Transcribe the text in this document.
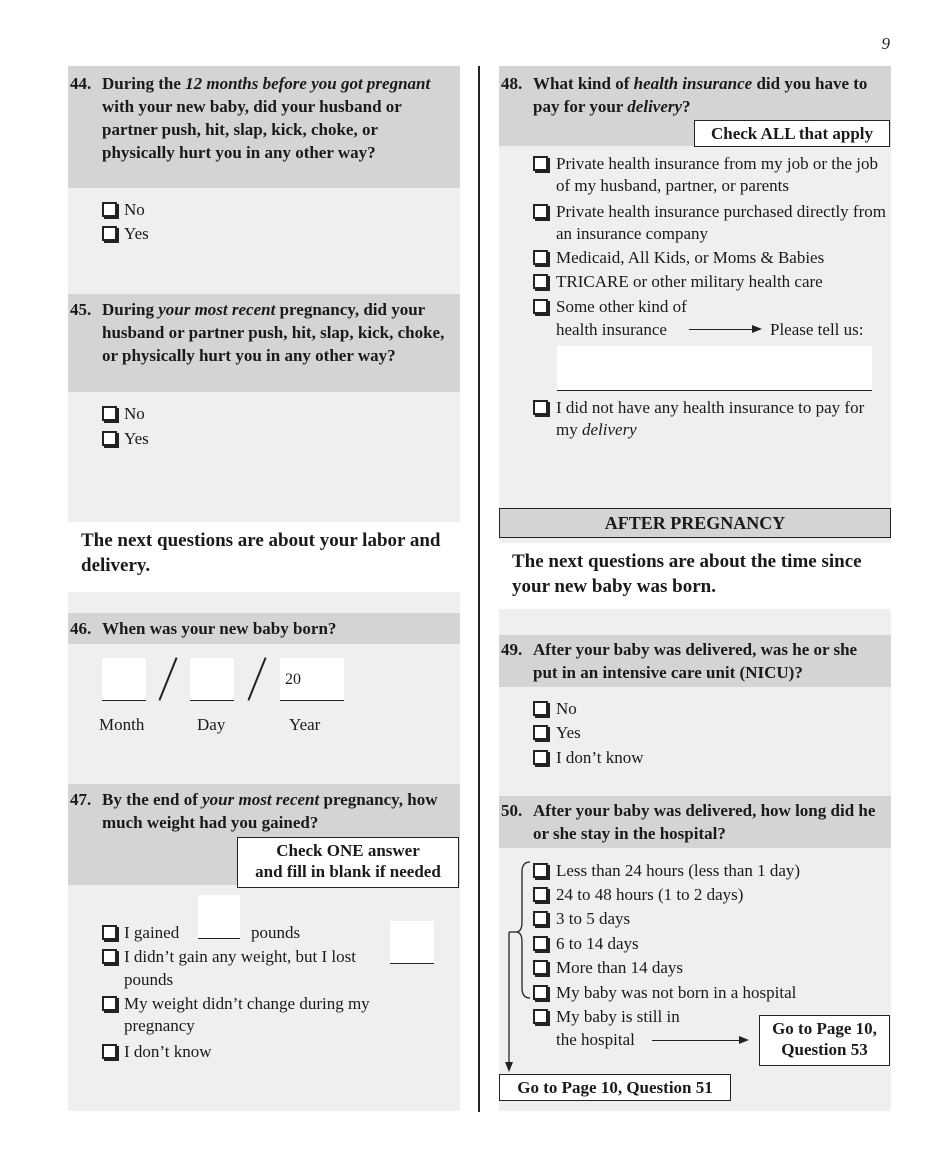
9
44. During the 12 months before you got pregnant with your new baby, did your husband or partner push, hit, slap, kick, choke, or physically hurt you in any other way?
No
Yes
45. During your most recent pregnancy, did your husband or partner push, hit, slap, kick, choke, or physically hurt you in any other way?
No
Yes
The next questions are about your labor and delivery.
46. When was your new baby born?
20
Month	Day	Year
47. By the end of your most recent pregnancy, how much weight had you gained?
Check ONE answer
and fill in blank if needed
I gained	pounds
I didn’t gain any weight, but I lost
pounds
My weight didn’t change during my pregnancy
I don’t know
48. What kind of health insurance did you have to pay for your delivery?
Check ALL that apply
Private health insurance from my job or the job of my husband, partner, or parents
Private health insurance purchased directly from an insurance company
Medicaid, All Kids, or Moms & Babies
TRICARE or other military health care
Some other kind of
health insurance	Please tell us:
I did not have any health insurance to pay for my delivery
AFTER PREGNANCY
The next questions are about the time since your new baby was born.
49. After your baby was delivered, was he or she put in an intensive care unit (NICU)?
No
Yes
I don’t know
50. After your baby was delivered, how long did he or she stay in the hospital?
Less than 24 hours (less than 1 day)
24 to 48 hours (1 to 2 days)
3 to 5 days
6 to 14 days
More than 14 days
My baby was not born in a hospital
My baby is still in
the hospital
Go to Page 10,
Question 53
Go to Page 10, Question 51
